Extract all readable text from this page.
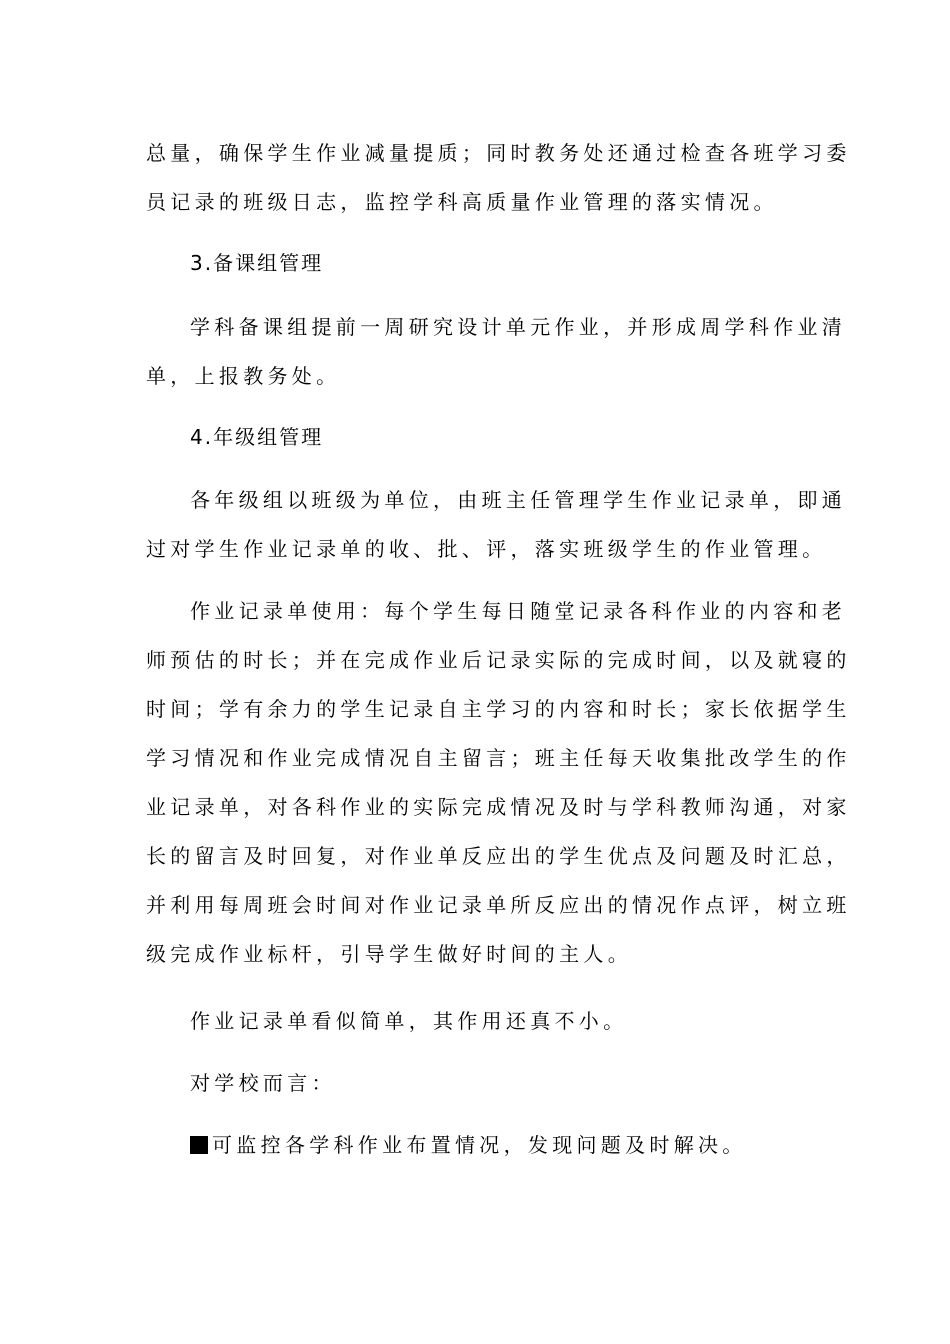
总量，确保学生作业减量提质；同时教务处还通过检查各班学习委
员记录的班级日志，监控学科高质量作业管理的落实情况。
3.备课组管理
学科备课组提前一周研究设计单元作业，并形成周学科作业清
单，上报教务处。
4.年级组管理
各年级组以班级为单位，由班主任管理学生作业记录单，即通
过对学生作业记录单的收、批、评，落实班级学生的作业管理。
作业记录单使用：每个学生每日随堂记录各科作业的内容和老
师预估的时长；并在完成作业后记录实际的完成时间，以及就寝的
时间；学有余力的学生记录自主学习的内容和时长；家长依据学生
学习情况和作业完成情况自主留言；班主任每天收集批改学生的作
业记录单，对各科作业的实际完成情况及时与学科教师沟通，对家
长的留言及时回复，对作业单反应出的学生优点及问题及时汇总，
并利用每周班会时间对作业记录单所反应出的情况作点评，树立班
级完成作业标杆，引导学生做好时间的主人。
作业记录单看似简单，其作用还真不小。
对学校而言：
可监控各学科作业布置情况，发现问题及时解决。
